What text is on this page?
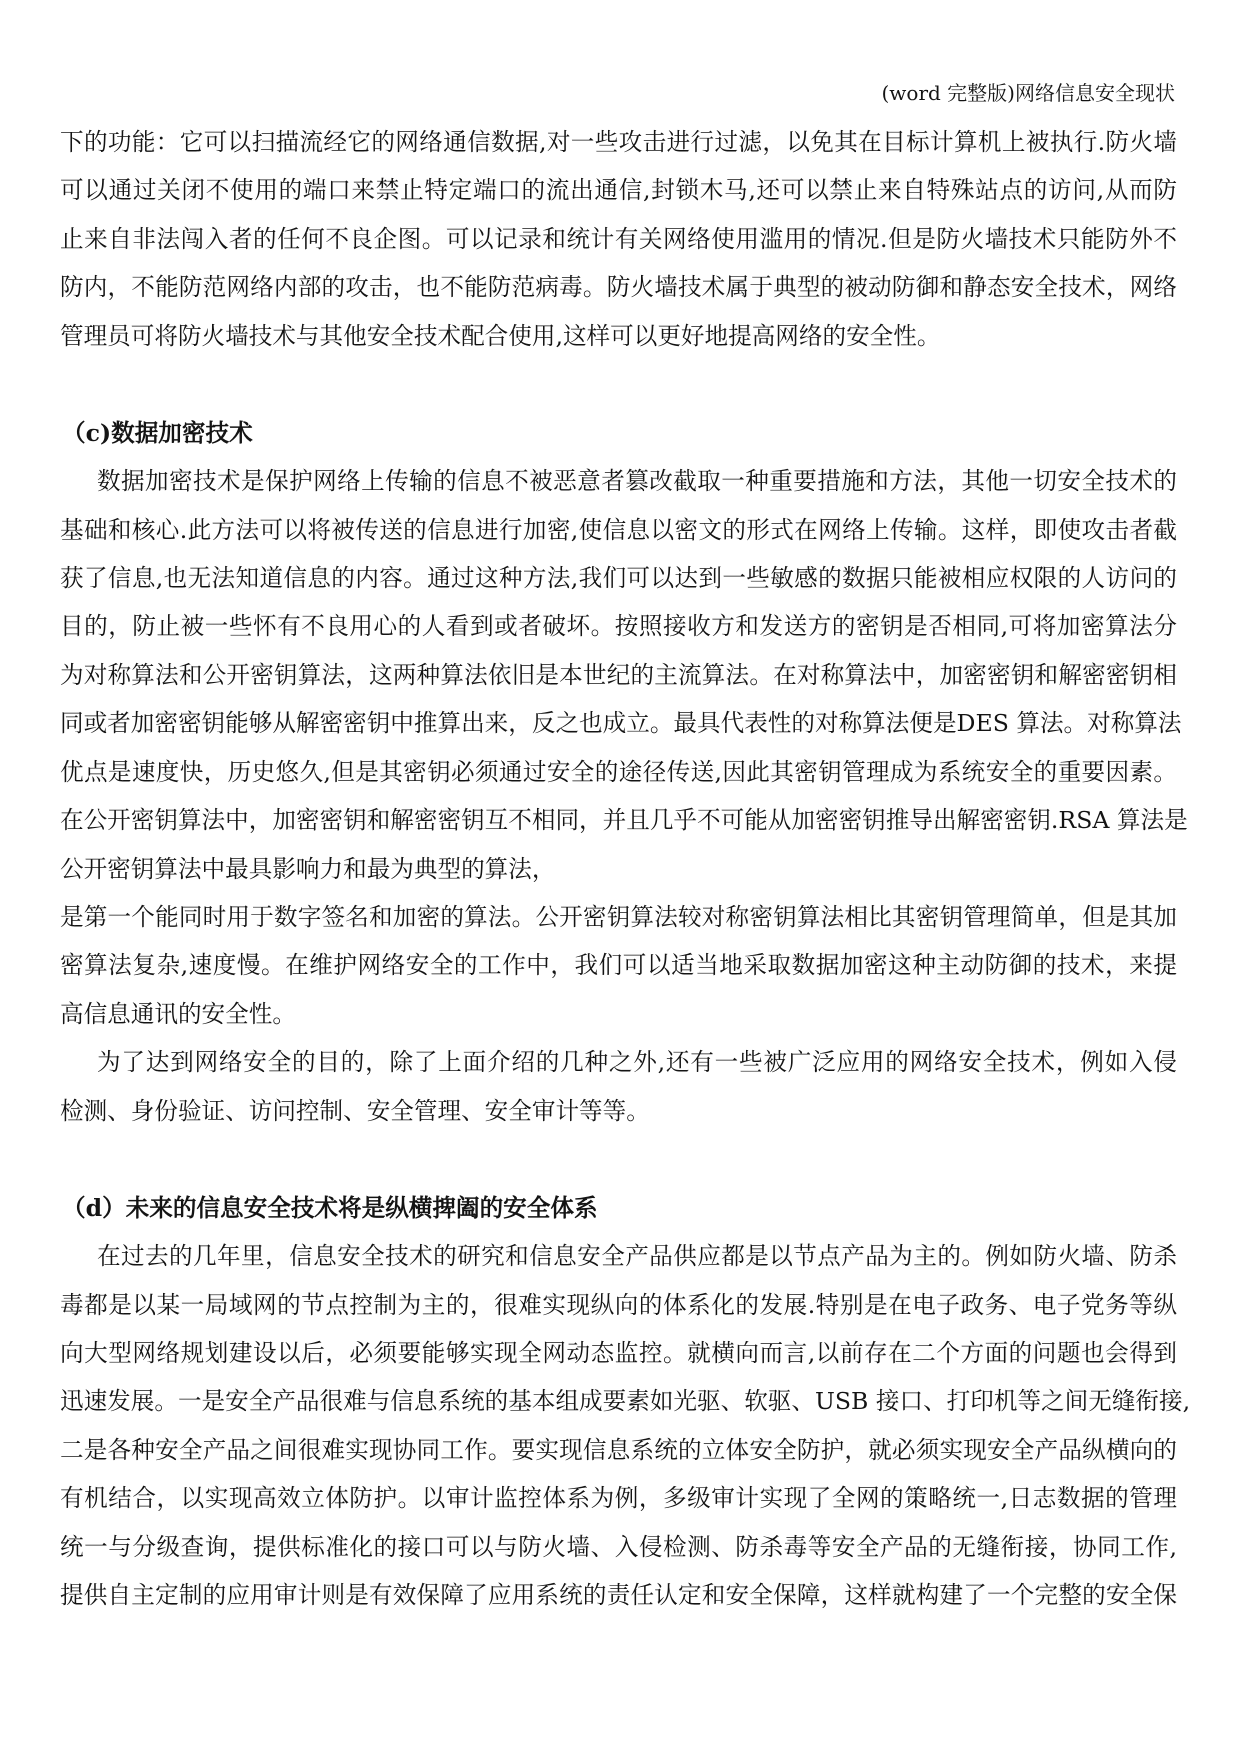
(word 完整版)网络信息安全现状
下的功能：它可以扫描流经它的网络通信数据,对一些攻击进行过滤，以免其在目标计算机上被执行.防火墙
可以通过关闭不使用的端口来禁止特定端口的流出通信,封锁木马,还可以禁止来自特殊站点的访问,从而防
止来自非法闯入者的任何不良企图。可以记录和统计有关网络使用滥用的情况.但是防火墙技术只能防外不
防内，不能防范网络内部的攻击，也不能防范病毒。防火墙技术属于典型的被动防御和静态安全技术，网络
管理员可将防火墙技术与其他安全技术配合使用,这样可以更好地提高网络的安全性。
（c)数据加密技术
数据加密技术是保护网络上传输的信息不被恶意者篡改截取一种重要措施和方法，其他一切安全技术的
基础和核心.此方法可以将被传送的信息进行加密,使信息以密文的形式在网络上传输。这样，即使攻击者截
获了信息,也无法知道信息的内容。通过这种方法,我们可以达到一些敏感的数据只能被相应权限的人访问的
目的，防止被一些怀有不良用心的人看到或者破坏。按照接收方和发送方的密钥是否相同,可将加密算法分
为对称算法和公开密钥算法，这两种算法依旧是本世纪的主流算法。在对称算法中，加密密钥和解密密钥相
同或者加密密钥能够从解密密钥中推算出来，反之也成立。最具代表性的对称算法便是DES 算法。对称算法
优点是速度快，历史悠久,但是其密钥必须通过安全的途径传送,因此其密钥管理成为系统安全的重要因素。
在公开密钥算法中，加密密钥和解密密钥互不相同，并且几乎不可能从加密密钥推导出解密密钥.RSA 算法是
公开密钥算法中最具影响力和最为典型的算法，
是第一个能同时用于数字签名和加密的算法。公开密钥算法较对称密钥算法相比其密钥管理简单，但是其加
密算法复杂,速度慢。在维护网络安全的工作中，我们可以适当地采取数据加密这种主动防御的技术，来提
高信息通讯的安全性。
为了达到网络安全的目的，除了上面介绍的几种之外,还有一些被广泛应用的网络安全技术，例如入侵
检测、身份验证、访问控制、安全管理、安全审计等等。
（d）未来的信息安全技术将是纵横捭阖的安全体系
在过去的几年里，信息安全技术的研究和信息安全产品供应都是以节点产品为主的。例如防火墙、防杀
毒都是以某一局域网的节点控制为主的，很难实现纵向的体系化的发展.特别是在电子政务、电子党务等纵
向大型网络规划建设以后，必须要能够实现全网动态监控。就横向而言,以前存在二个方面的问题也会得到
迅速发展。一是安全产品很难与信息系统的基本组成要素如光驱、软驱、USB 接口、打印机等之间无缝衔接,
二是各种安全产品之间很难实现协同工作。要实现信息系统的立体安全防护，就必须实现安全产品纵横向的
有机结合，以实现高效立体防护。以审计监控体系为例，多级审计实现了全网的策略统一,日志数据的管理
统一与分级查询，提供标准化的接口可以与防火墙、入侵检测、防杀毒等安全产品的无缝衔接，协同工作,
提供自主定制的应用审计则是有效保障了应用系统的责任认定和安全保障，这样就构建了一个完整的安全保
